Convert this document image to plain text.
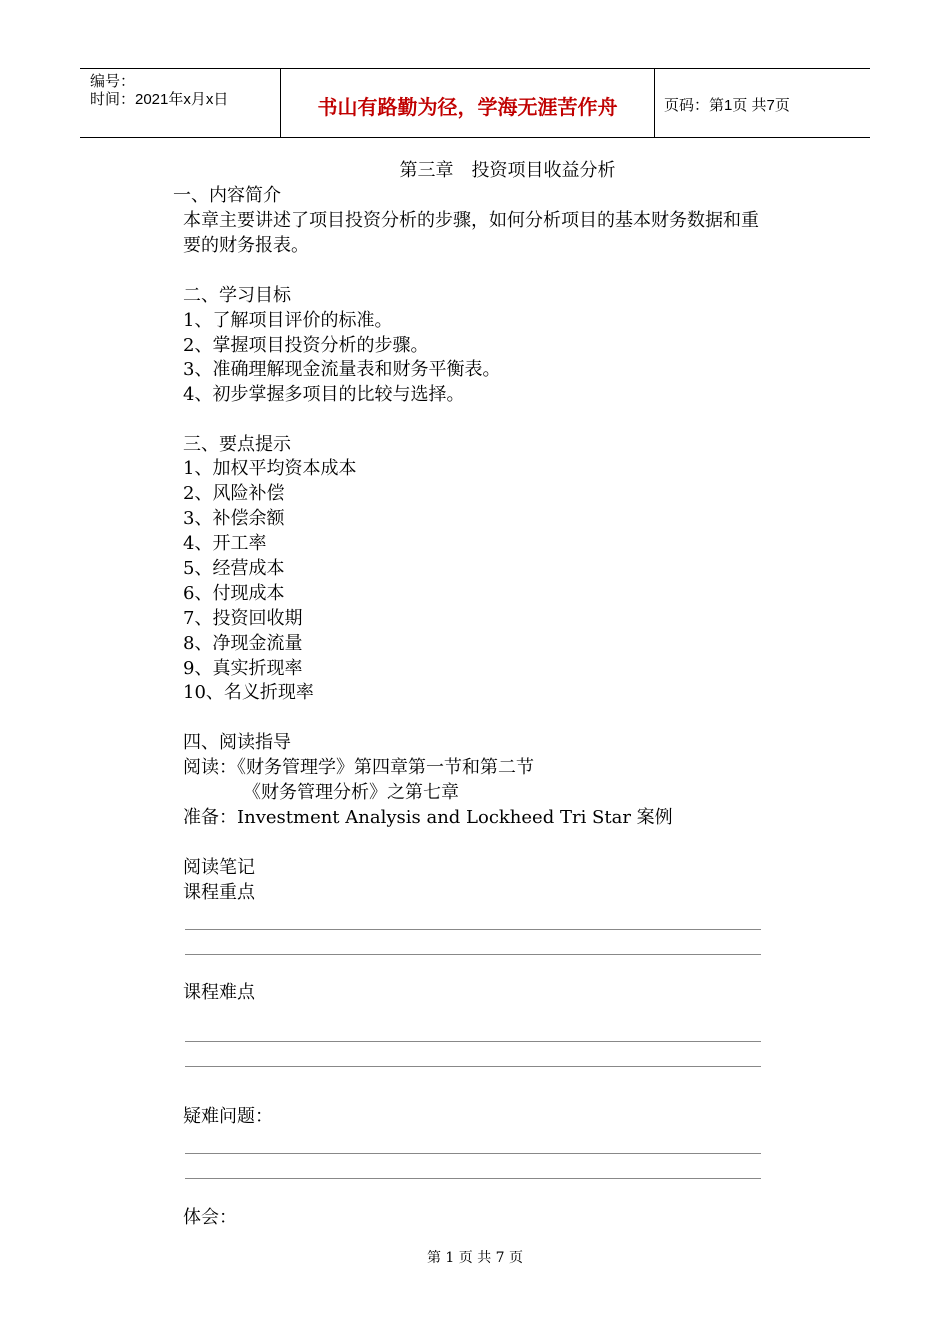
编号：
时间：2021年x月x日	书山有路勤为径，学海无涯苦作舟	页码：第1页 共7页
第三章　投资项目收益分析
一、内容简介
本章主要讲述了项目投资分析的步骤，如何分析项目的基本财务数据和重
要的财务报表。
二、学习目标
1、了解项目评价的标准。
2、掌握项目投资分析的步骤。
3、准确理解现金流量表和财务平衡表。
4、初步掌握多项目的比较与选择。
三、要点提示
1、加权平均资本成本
2、风险补偿
3、补偿余额
4、开工率
5、经营成本
6、付现成本
7、投资回收期
8、净现金流量
9、真实折现率
10、名义折现率
四、阅读指导
阅读：《财务管理学》第四章第一节和第二节
《财务管理分析》之第七章
准备：Investment Analysis and Lockheed Tri Star 案例
阅读笔记
课程重点
课程难点
疑难问题：
体会：
第 1 页 共 7 页
